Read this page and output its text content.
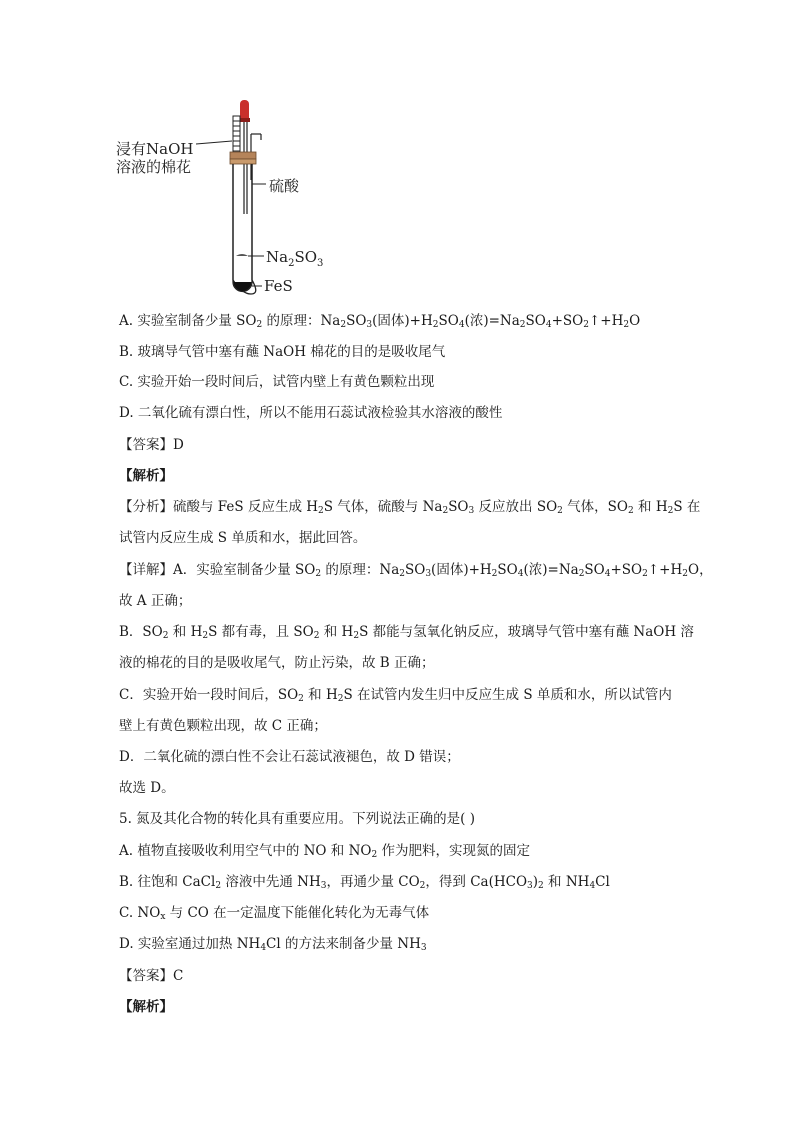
浸有NaOH
溶液的棉花
硫酸
$Na_2SO_3$
FeS
A. 实验室制备少量 $SO_2$ 的原理：$Na_2SO_3$(固体)$+H_2SO_4$(浓)$=Na_2SO_4+SO_2↑+H_2O$
B. 玻璃导气管中塞有蘸 NaOH 棉花的目的是吸收尾气
C. 实验开始一段时间后，试管内壁上有黄色颗粒出现
D. 二氧化硫有漂白性，所以不能用石蕊试液检验其水溶液的酸性
【答案】D
【解析】
【分析】硫酸与 FeS 反应生成 $H_2S$ 气体，硫酸与 $Na_2SO_3$ 反应放出 $SO_2$ 气体，$SO_2$ 和 $H_2S$ 在
试管内反应生成 S 单质和水，据此回答。
【详解】A．实验室制备少量 $SO_2$ 的原理：$Na_2SO_3$(固体)$+H_2SO_4$(浓)$=Na_2SO_4+SO_2↑+H_2O$，
故 A 正确；
B．$SO_2$ 和 $H_2S$ 都有毒，且 $SO_2$ 和 $H_2S$ 都能与氢氧化钠反应，玻璃导气管中塞有蘸 NaOH 溶
液的棉花的目的是吸收尾气，防止污染，故 B 正确；
C．实验开始一段时间后，$SO_2$ 和 $H_2S$ 在试管内发生归中反应生成 S 单质和水，所以试管内
壁上有黄色颗粒出现，故 C 正确；
D．二氧化硫的漂白性不会让石蕊试液褪色，故 D 错误；
故选 D。
5. 氮及其化合物的转化具有重要应用。下列说法正确的是( )
A. 植物直接吸收利用空气中的 NO 和 $NO_2$ 作为肥料，实现氮的固定
B. 往饱和 CaCl$_2$ 溶液中先通 $NH_3$，再通少量 $CO_2$，得到 $Ca(HCO_3)_2$ 和 $NH_4Cl$
C. $NO_x$ 与 CO 在一定温度下能催化转化为无毒气体
D. 实验室通过加热 $NH_4Cl$ 的方法来制备少量 $NH_3$
【答案】C
【解析】
